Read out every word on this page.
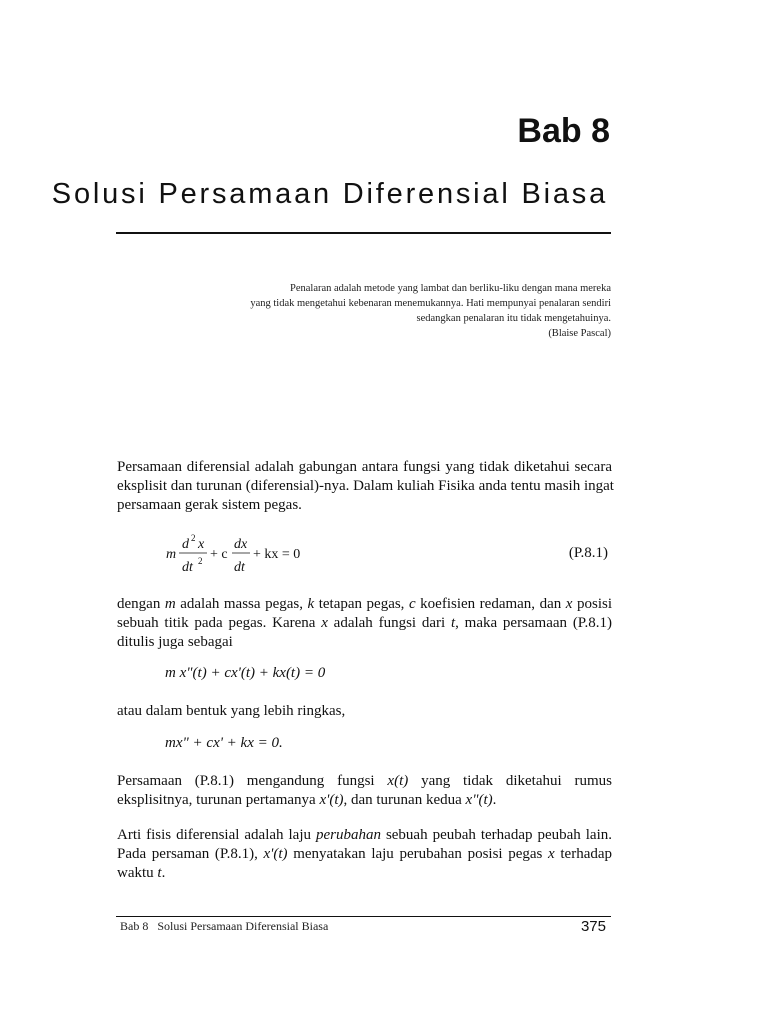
Bab 8
Solusi Persamaan Diferensial Biasa
Penalaran adalah metode yang lambat dan berliku-liku dengan mana mereka
yang tidak mengetahui kebenaran menemukannya. Hati mempunyai penalaran sendiri
sedangkan penalaran itu tidak mengetahuinya.
(Blaise Pascal)
Persamaan diferensial adalah gabungan antara fungsi yang tidak diketahui secara
eksplisit dan turunan (diferensial)-nya. Dalam kuliah Fisika anda tentu masih ingat
persamaan gerak sistem pegas.
m
d 2 x
dt 2 + c
dx
dt
+ kx = 0	(P.8.1)
dengan m adalah massa pegas, k tetapan pegas, c koefisien redaman, dan x posisi
sebuah titik pada pegas. Karena x adalah fungsi dari t, maka persamaan (P.8.1)
ditulis juga sebagai
m x"(t) + cx'(t) + kx(t) = 0
atau dalam bentuk yang lebih ringkas,
mx" + cx' + kx = 0.
Persamaan (P.8.1) mengandung fungsi x(t) yang tidak diketahui rumus
eksplisitnya, turunan pertamanya x'(t), dan turunan kedua x"(t).
Arti fisis diferensial adalah laju perubahan sebuah peubah terhadap peubah lain.
Pada persaman (P.8.1), x'(t) menyatakan laju perubahan posisi pegas x terhadap
waktu t.
Bab 8   Solusi Persamaan Diferensial Biasa	375
